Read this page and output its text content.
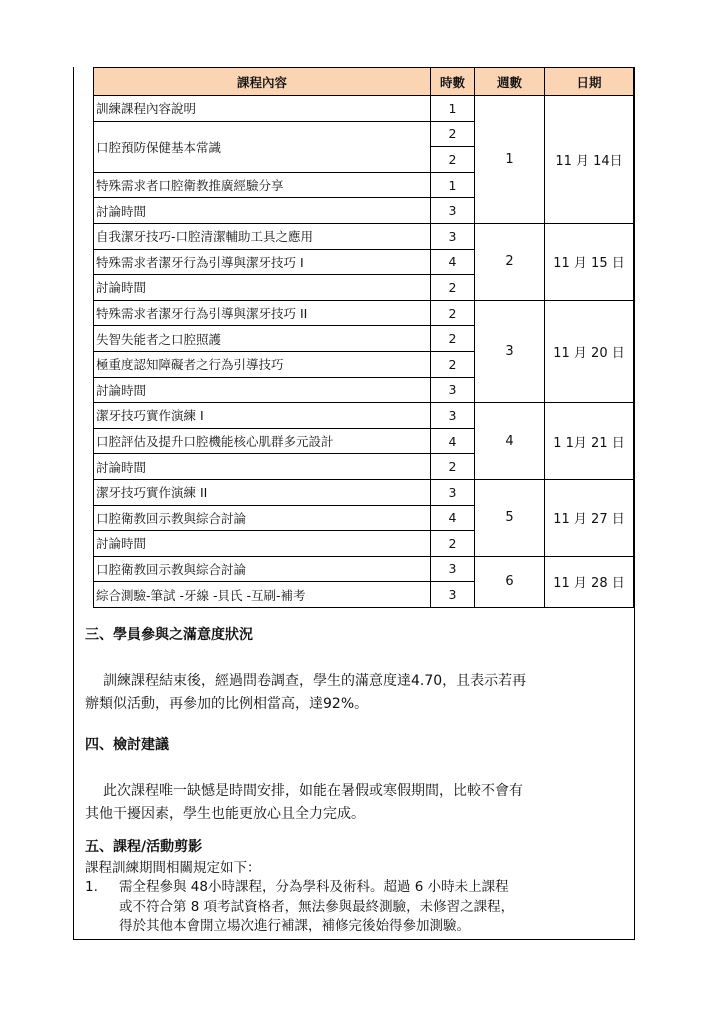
課程內容	時數	週數	日期
訓練課程內容說明	1	1	11 月 14日
口腔預防保健基本常識	2		
	2		
特殊需求者口腔衛教推廣經驗分享	1		
討論時間	3		
自我潔牙技巧-口腔清潔輔助工具之應用	3	2	11 月 15 日
特殊需求者潔牙行為引導與潔牙技巧 I	4		
討論時間	2		
特殊需求者潔牙行為引導與潔牙技巧 II	2	3	11 月 20 日
失智失能者之口腔照護	2		
極重度認知障礙者之行為引導技巧	2		
討論時間	3		
潔牙技巧實作演練 I	3	4	1 1月 21 日
口腔評估及提升口腔機能核心肌群多元設計	4		
討論時間	2		
潔牙技巧實作演練 II	3	5	11 月 27 日
口腔衛教回示教與綜合討論	4		
討論時間	2		
口腔衛教回示教與綜合討論	3	6	11 月 28 日
綜合測驗-筆試 -牙線 -貝氏 -互刷-補考	3		
三、學員參與之滿意度狀況
訓練課程結束後，經過問卷調查，學生的滿意度達4.70，且表示若再
辦類似活動，再參加的比例相當高，達92%。
四、檢討建議
此次課程唯一缺憾是時間安排，如能在暑假或寒假期間，比較不會有
其他干擾因素，學生也能更放心且全力完成。
五、課程/活動剪影
課程訓練期間相關規定如下：
1. 需全程參與 48小時課程，分為學科及術科。超過 6 小時未上課程
或不符合第 8 項考試資格者，無法參與最終測驗，未修習之課程，
得於其他本會開立場次進行補課，補修完後始得參加測驗。
